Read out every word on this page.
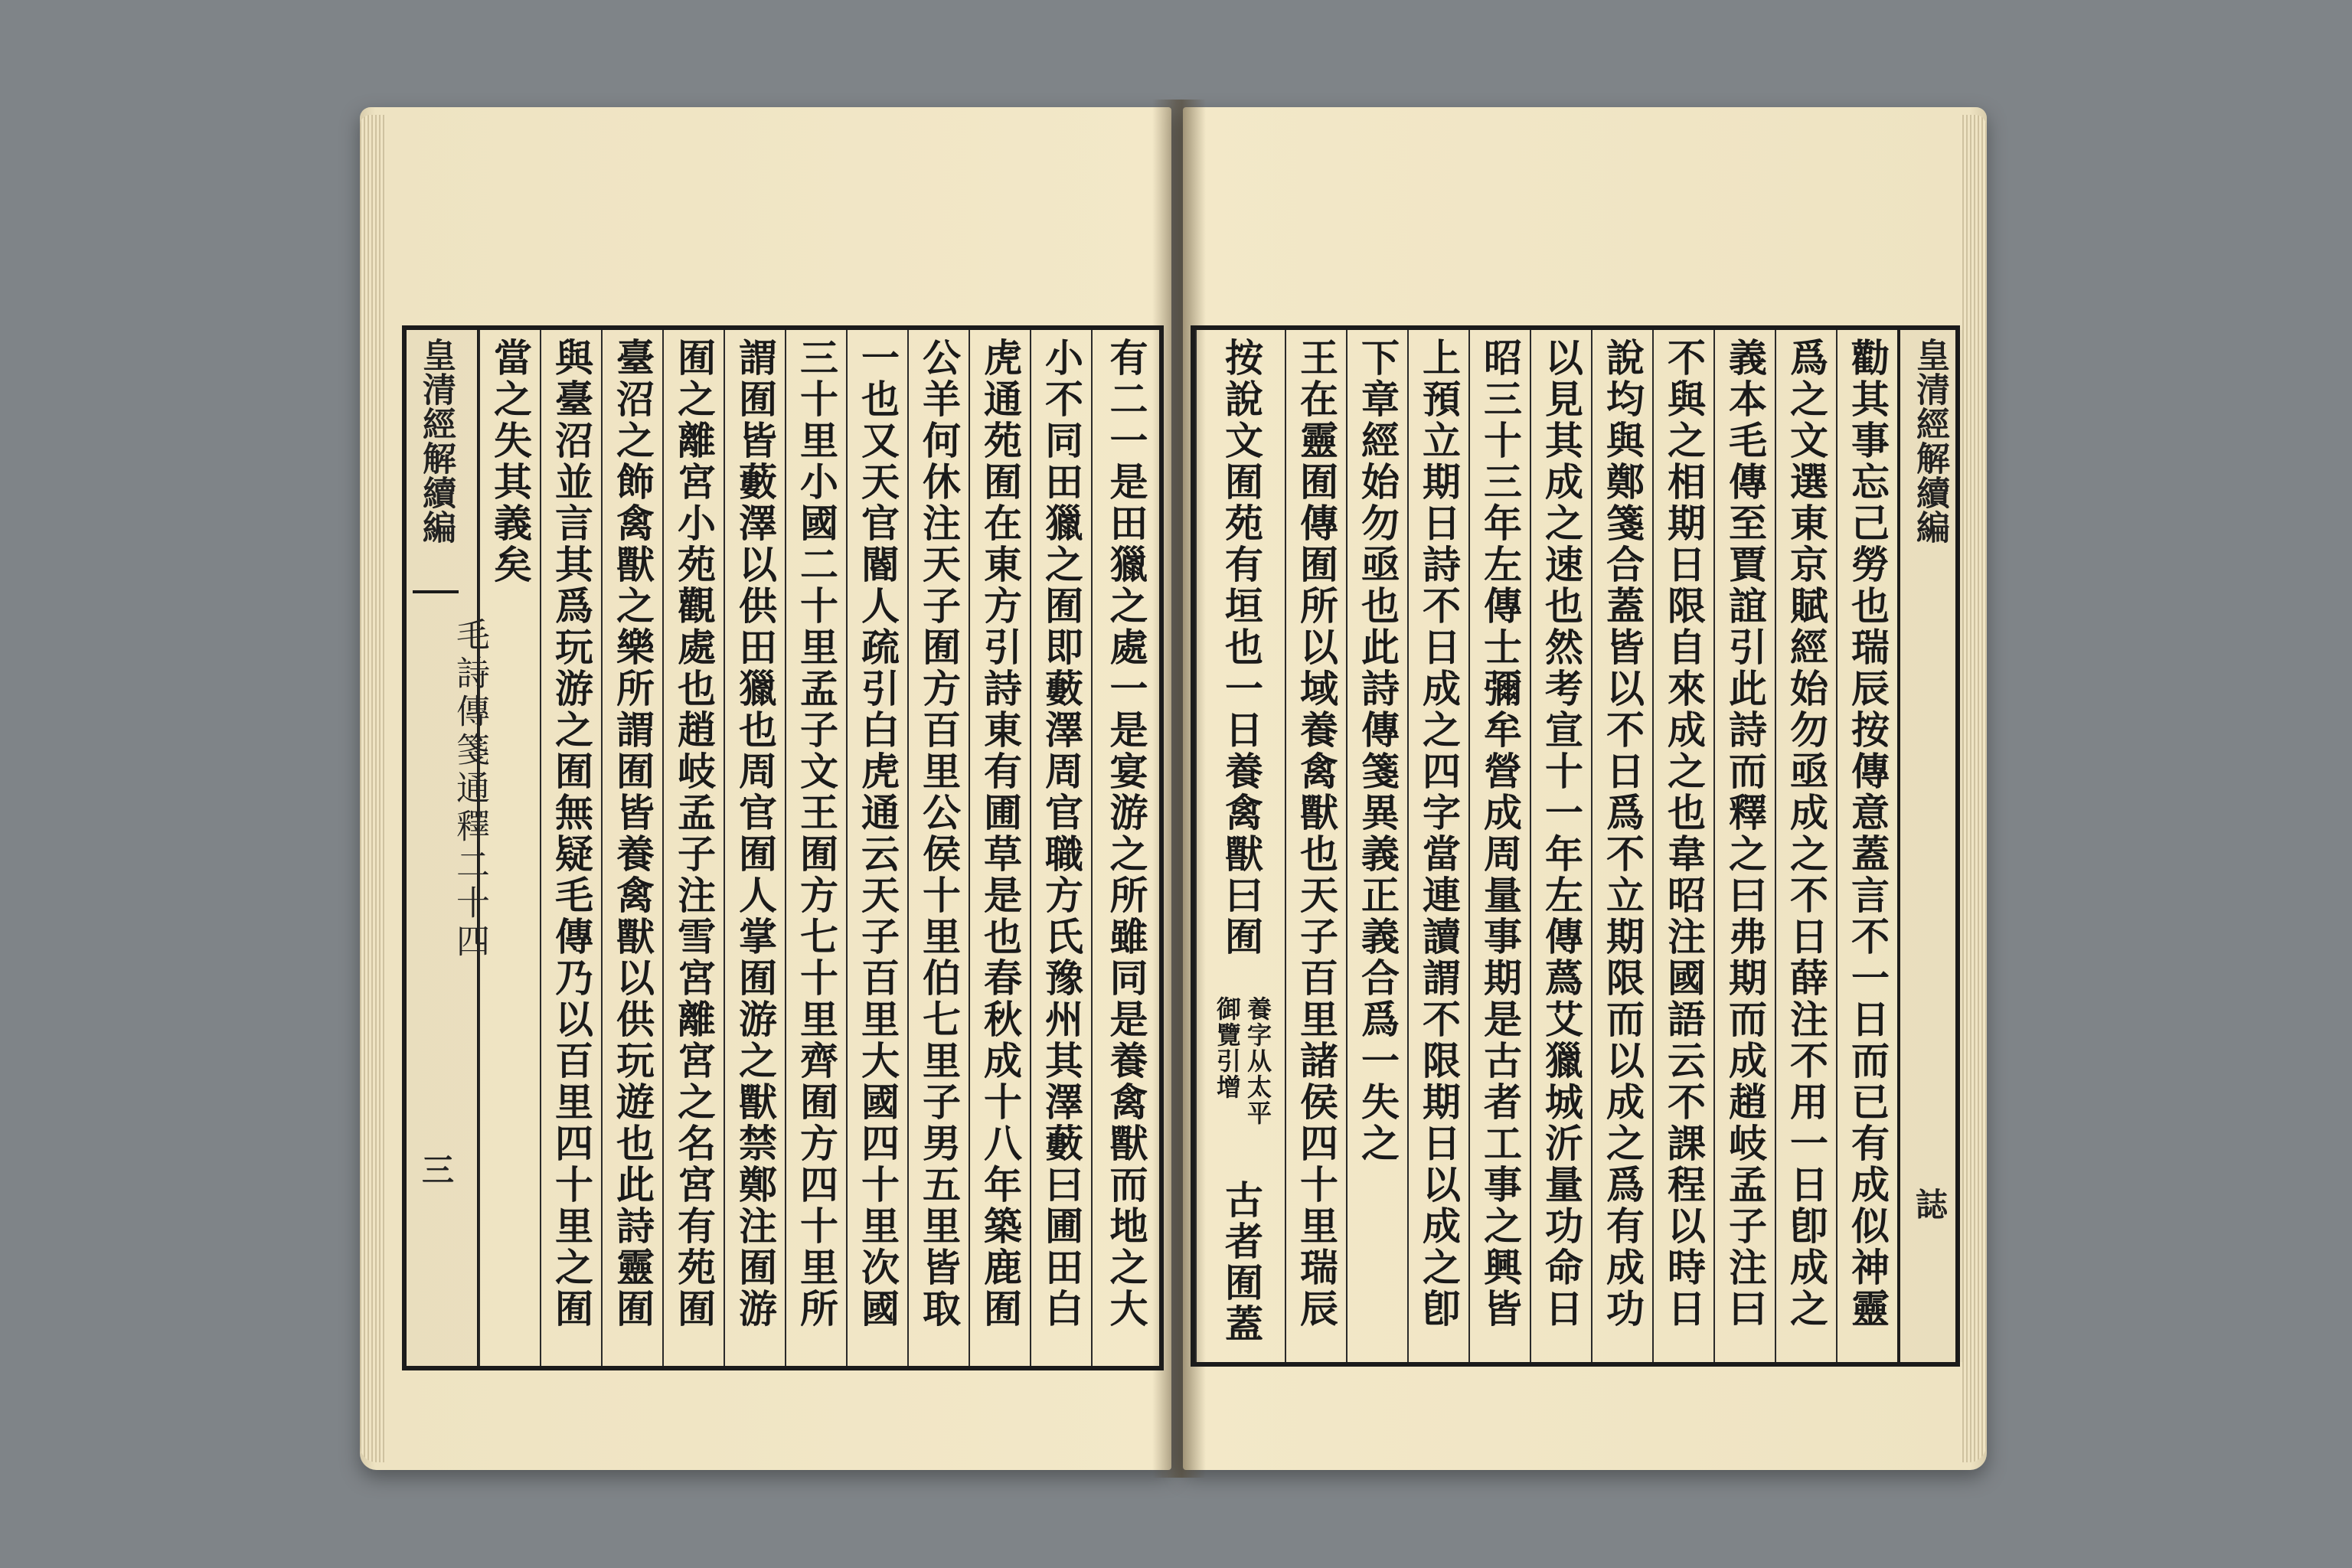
皇清經解續編
毛詩傳箋通釋二十四
三	有二一是田獵之處一是宴游之所雖同是養禽獸而地之大
小不同田獵之囿即藪澤周官職方氏豫州其澤藪曰圃田白
虎通苑囿在東方引詩東有圃草是也春秋成十八年築鹿囿
公羊何休注天子囿方百里公侯十里伯七里子男五里皆取
一也又天官閽人疏引白虎通云天子百里大國四十里次國
三十里小國二十里孟子文王囿方七十里齊囿方四十里所
謂囿皆藪澤以供田獵也周官囿人掌囿游之獸禁鄭注囿游
囿之離宮小苑觀處也趙岐孟子注雪宮離宮之名宮有苑囿
臺沼之飾禽獸之樂所謂囿皆養禽獸以供玩遊也此詩靈囿
與臺沼並言其爲玩游之囿無疑毛傳乃以百里四十里之囿
當之失其義矣	皇清經解續編
誌
勸其事忘己勞也瑞辰按傳意蓋言不一日而已有成似神靈
爲之文選東京賦經始勿亟成之不日薛注不用一日卽成之
義本毛傳至賈誼引此詩而釋之曰弗期而成趙岐孟子注曰
不與之相期日限自來成之也韋昭注國語云不課程以時日
說均與鄭箋合蓋皆以不日爲不立期限而以成之爲有成功
以見其成之速也然考宣十一年左傳蔿艾獵城沂量功命日
昭三十三年左傳士彌牟營成周量事期是古者工事之興皆
上預立期日詩不日成之四字當連讀謂不限期日以成之卽
下章經始勿亟也此詩傳箋異義正義合爲一失之
王在靈囿傳囿所以域養禽獸也天子百里諸侯四十里瑞辰
按說文囿苑有垣也一日養禽獸曰囿
養字从太平
御覽引增
古者囿蓋
